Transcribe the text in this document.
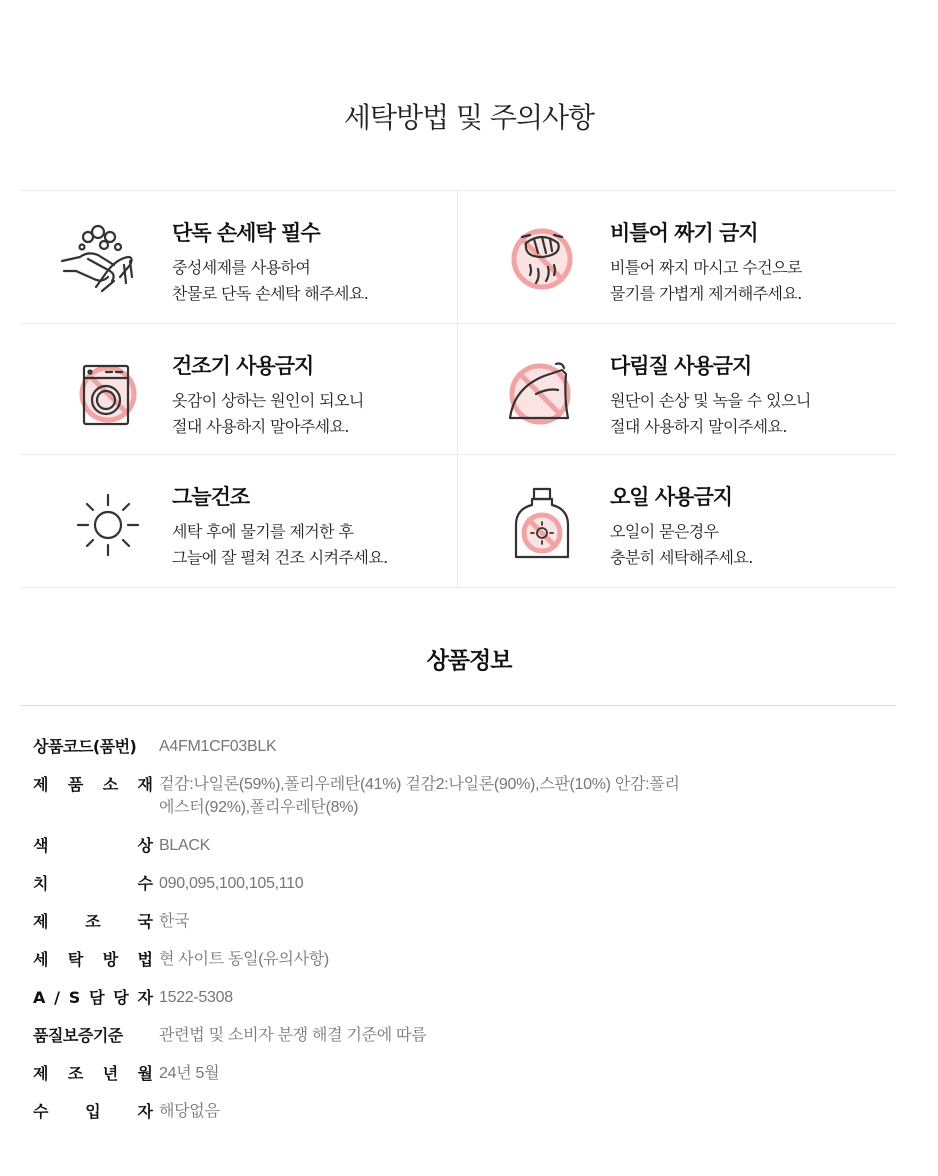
세탁방법 및 주의사항
단독 손세탁 필수
중성세제를 사용하여
찬물로 단독 손세탁 해주세요.
비틀어 짜기 금지
비틀어 짜지 마시고 수건으로
물기를 가볍게 제거해주세요.
건조기 사용금지
옷감이 상하는 원인이 되오니
절대 사용하지 말아주세요.
다림질 사용금지
원단이 손상 및 녹을 수 있으니
절대 사용하지 말이주세요.
그늘건조
세탁 후에 물기를 제거한 후
그늘에 잘 펼쳐 건조 시켜주세요.
오일 사용금지
오일이 묻은경우
충분히 세탁해주세요.
상품정보
상품코드(품번) A4FM1CF03BLK
제 품 소 재 겉감:나일론(59%),폴리우레탄(41%) 겉감2:나일론(90%),스판(10%) 안감:폴리
에스터(92%),폴리우레탄(8%)
색	상 BLACK
치	수 090,095,100,105,110
제 조 국 한국
세 탁 방 법 현 사이트 동일(유의사항)
A / S 담 당 자 1522-5308
품질보증기준 관련법 및 소비자 분쟁 해결 기준에 따름
제 조 년 월 24년 5월
수 입 자 해당없음
